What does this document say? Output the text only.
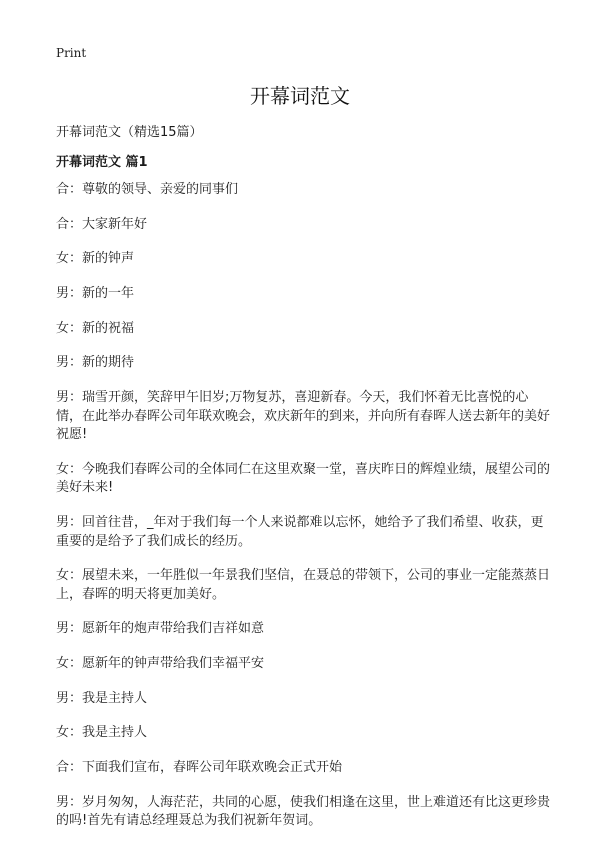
Print
开幕词范文

开幕词范文（精选15篇）

开幕词范文 篇1

合：尊敬的领导、亲爱的同事们

合：大家新年好

女：新的钟声

男：新的一年

女：新的祝福

男：新的期待

男：瑞雪开颜，笑辞甲午旧岁;万物复苏，喜迎新春。今天，我们怀着无比喜悦的心情，在此举办春晖公司年联欢晚会，欢庆新年的到来，并向所有春晖人送去新年的美好祝愿!

女：今晚我们春晖公司的全体同仁在这里欢聚一堂，喜庆昨日的辉煌业绩，展望公司的美好未来!

男：回首往昔，_年对于我们每一个人来说都难以忘怀，她给予了我们希望、收获，更重要的是给予了我们成长的经历。

女：展望未来，一年胜似一年景我们坚信，在聂总的带领下，公司的事业一定能蒸蒸日上，春晖的明天将更加美好。

男：愿新年的炮声带给我们吉祥如意

女：愿新年的钟声带给我们幸福平安

男：我是主持人

女：我是主持人

合：下面我们宣布，春晖公司年联欢晚会正式开始

男：岁月匆匆，人海茫茫，共同的心愿，使我们相逢在这里，世上难道还有比这更珍贵的吗!首先有请总经理聂总为我们祝新年贺词。
